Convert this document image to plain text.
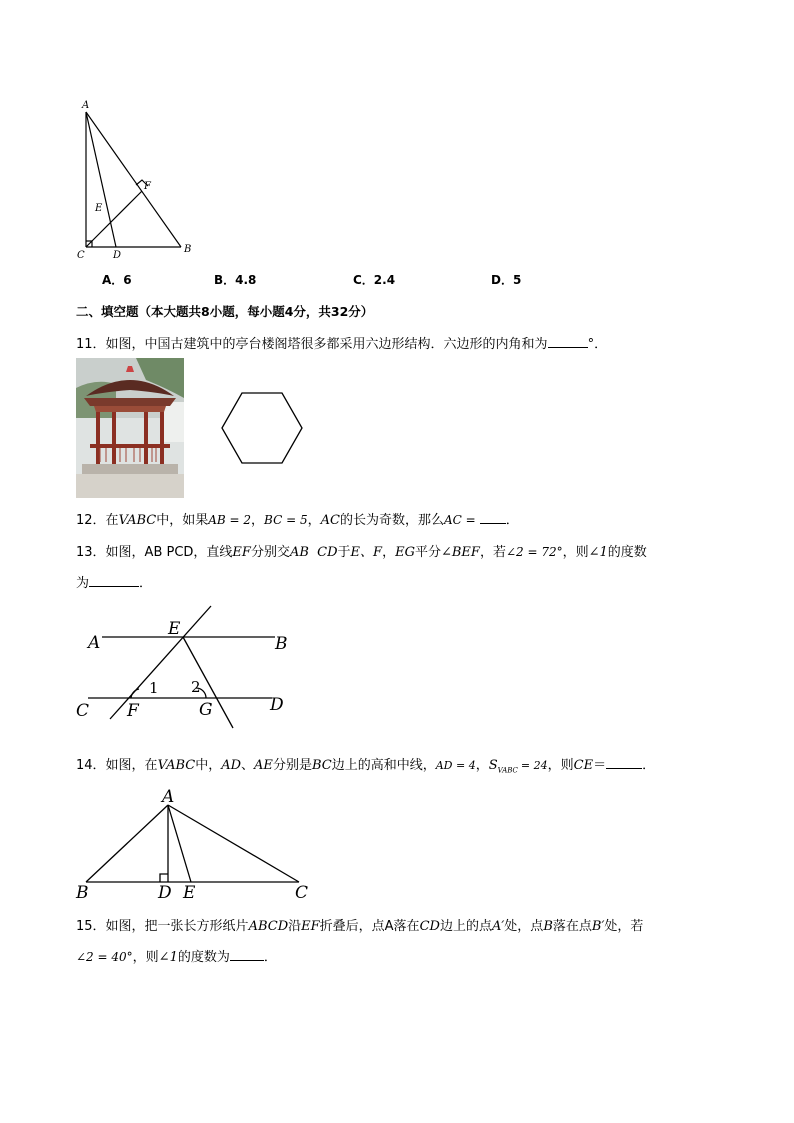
A
F
E
C	D
B
A．6	B．4.8	C．2.4	D．5
二、填空题（本大题共8小题，每小题4分，共32分）
11．如图，中国古建筑中的亭台楼阁塔很多都采用六边形结构．六边形的内角和为	°．
12．在VABC中，如果AB = 2，BC = 5，AC的长为奇数，那么AC = ．
13．如图，AB PCD，直线EF分别交AB  CD于E、F，EG平分∠BEF，若∠2 = 72°，则∠1的度数
为	．
A
E
B
1 2
C F	G	D
14．如图，在VABC中，AD、AE分别是BC边上的高和中线，AD = 4，$S_{VABC} = 24$，则CE＝	．
A
B	D E	C
15．如图，把一张长方形纸片ABCD沿EF折叠后，点A落在CD边上的点A′处，点B落在点B′处，若
∠2 = 40°，则∠1的度数为	．
